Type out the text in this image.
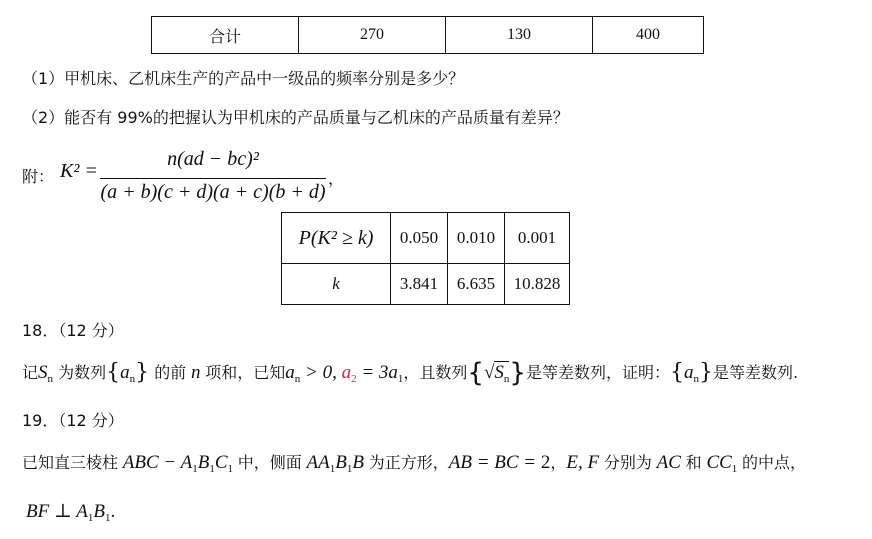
合计	270	130	400
（1）甲机床、乙机床生产的产品中一级品的频率分别是多少？
（2）能否有 99%的把握认为甲机床的产品质量与乙机床的产品质量有差异？
附： K² =
n(ad − bc)²
(a + b)(c + d)(a + c)(b + d)
，
P(K² ≥ k)	0.050	0.010	0.001
k	3.841	6.635	10.828
18．（12 分）
记$S_n$ 为数列$\{a_n\}$ 的前 n 项和，已知$a_n > 0$, $a_2 = 3a_1$，且数列$\{√S_n\}$是等差数列，证明：$\{a_n\}$是等差数列.
19．（12 分）
已知直三棱柱 ABC − $A_1B_1C_1$ 中，侧面 $AA_1B_1B$ 为正方形，AB = BC = 2，E, F 分别为 AC 和 $CC_1$ 的中点，
BF ⊥ $A_1B_1$.
